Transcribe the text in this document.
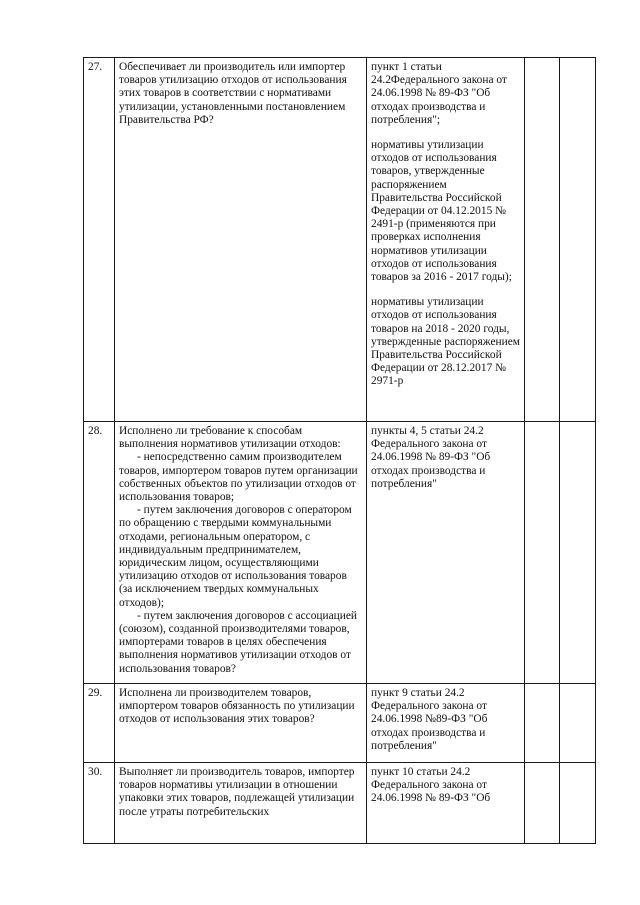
27.	Обеспечивает ли производитель или импортер товаров утилизацию отходов от использования этих товаров в соответствии с нормативами утилизации, установленными постановлением Правительства РФ?	пункт 1 статьи 24.2Федерального закона от 24.06.1998 № 89-ФЗ "Об отходах производства и потребления";
нормативы утилизации отходов от использования товаров, утвержденные распоряжением Правительства Российской Федерации от 04.12.2015 № 2491-р (применяются при проверках исполнения нормативов утилизации отходов от использования товаров за 2016 - 2017 годы);
нормативы утилизации отходов от использования товаров на 2018 - 2020 годы, утвержденные распоряжением Правительства Российской Федерации от 28.12.2017 № 2971-р		

28.	Исполнено ли требование к способам выполнения нормативов утилизации отходов:
- непосредственно самим производителем товаров, импортером товаров путем организации собственных объектов по утилизации отходов от использования товаров;
- путем заключения договоров с оператором по обращению с твердыми коммунальными отходами, региональным оператором, с индивидуальным предпринимателем, юридическим лицом, осуществляющими утилизацию отходов от использования товаров (за исключением твердых коммунальных отходов);
- путем заключения договоров с ассоциацией (союзом), созданной производителями товаров, импортерами товаров в целях обеспечения выполнения нормативов утилизации отходов от использования товаров?	пункты 4, 5 статьи 24.2 Федерального закона от 24.06.1998 № 89-ФЗ "Об отходах производства и потребления"		

29.	Исполнена ли производителем товаров, импортером товаров обязанность по утилизации отходов от использования этих товаров?	пункт 9 статьи 24.2 Федерального закона от 24.06.1998 №89-ФЗ "Об отходах производства и потребления"		

30.	Выполняет ли производитель товаров, импортер товаров нормативы утилизации в отношении упаковки этих товаров, подлежащей утилизации после утраты потребительских	пункт 10 статьи 24.2 Федерального закона от 24.06.1998 № 89-ФЗ "Об		
